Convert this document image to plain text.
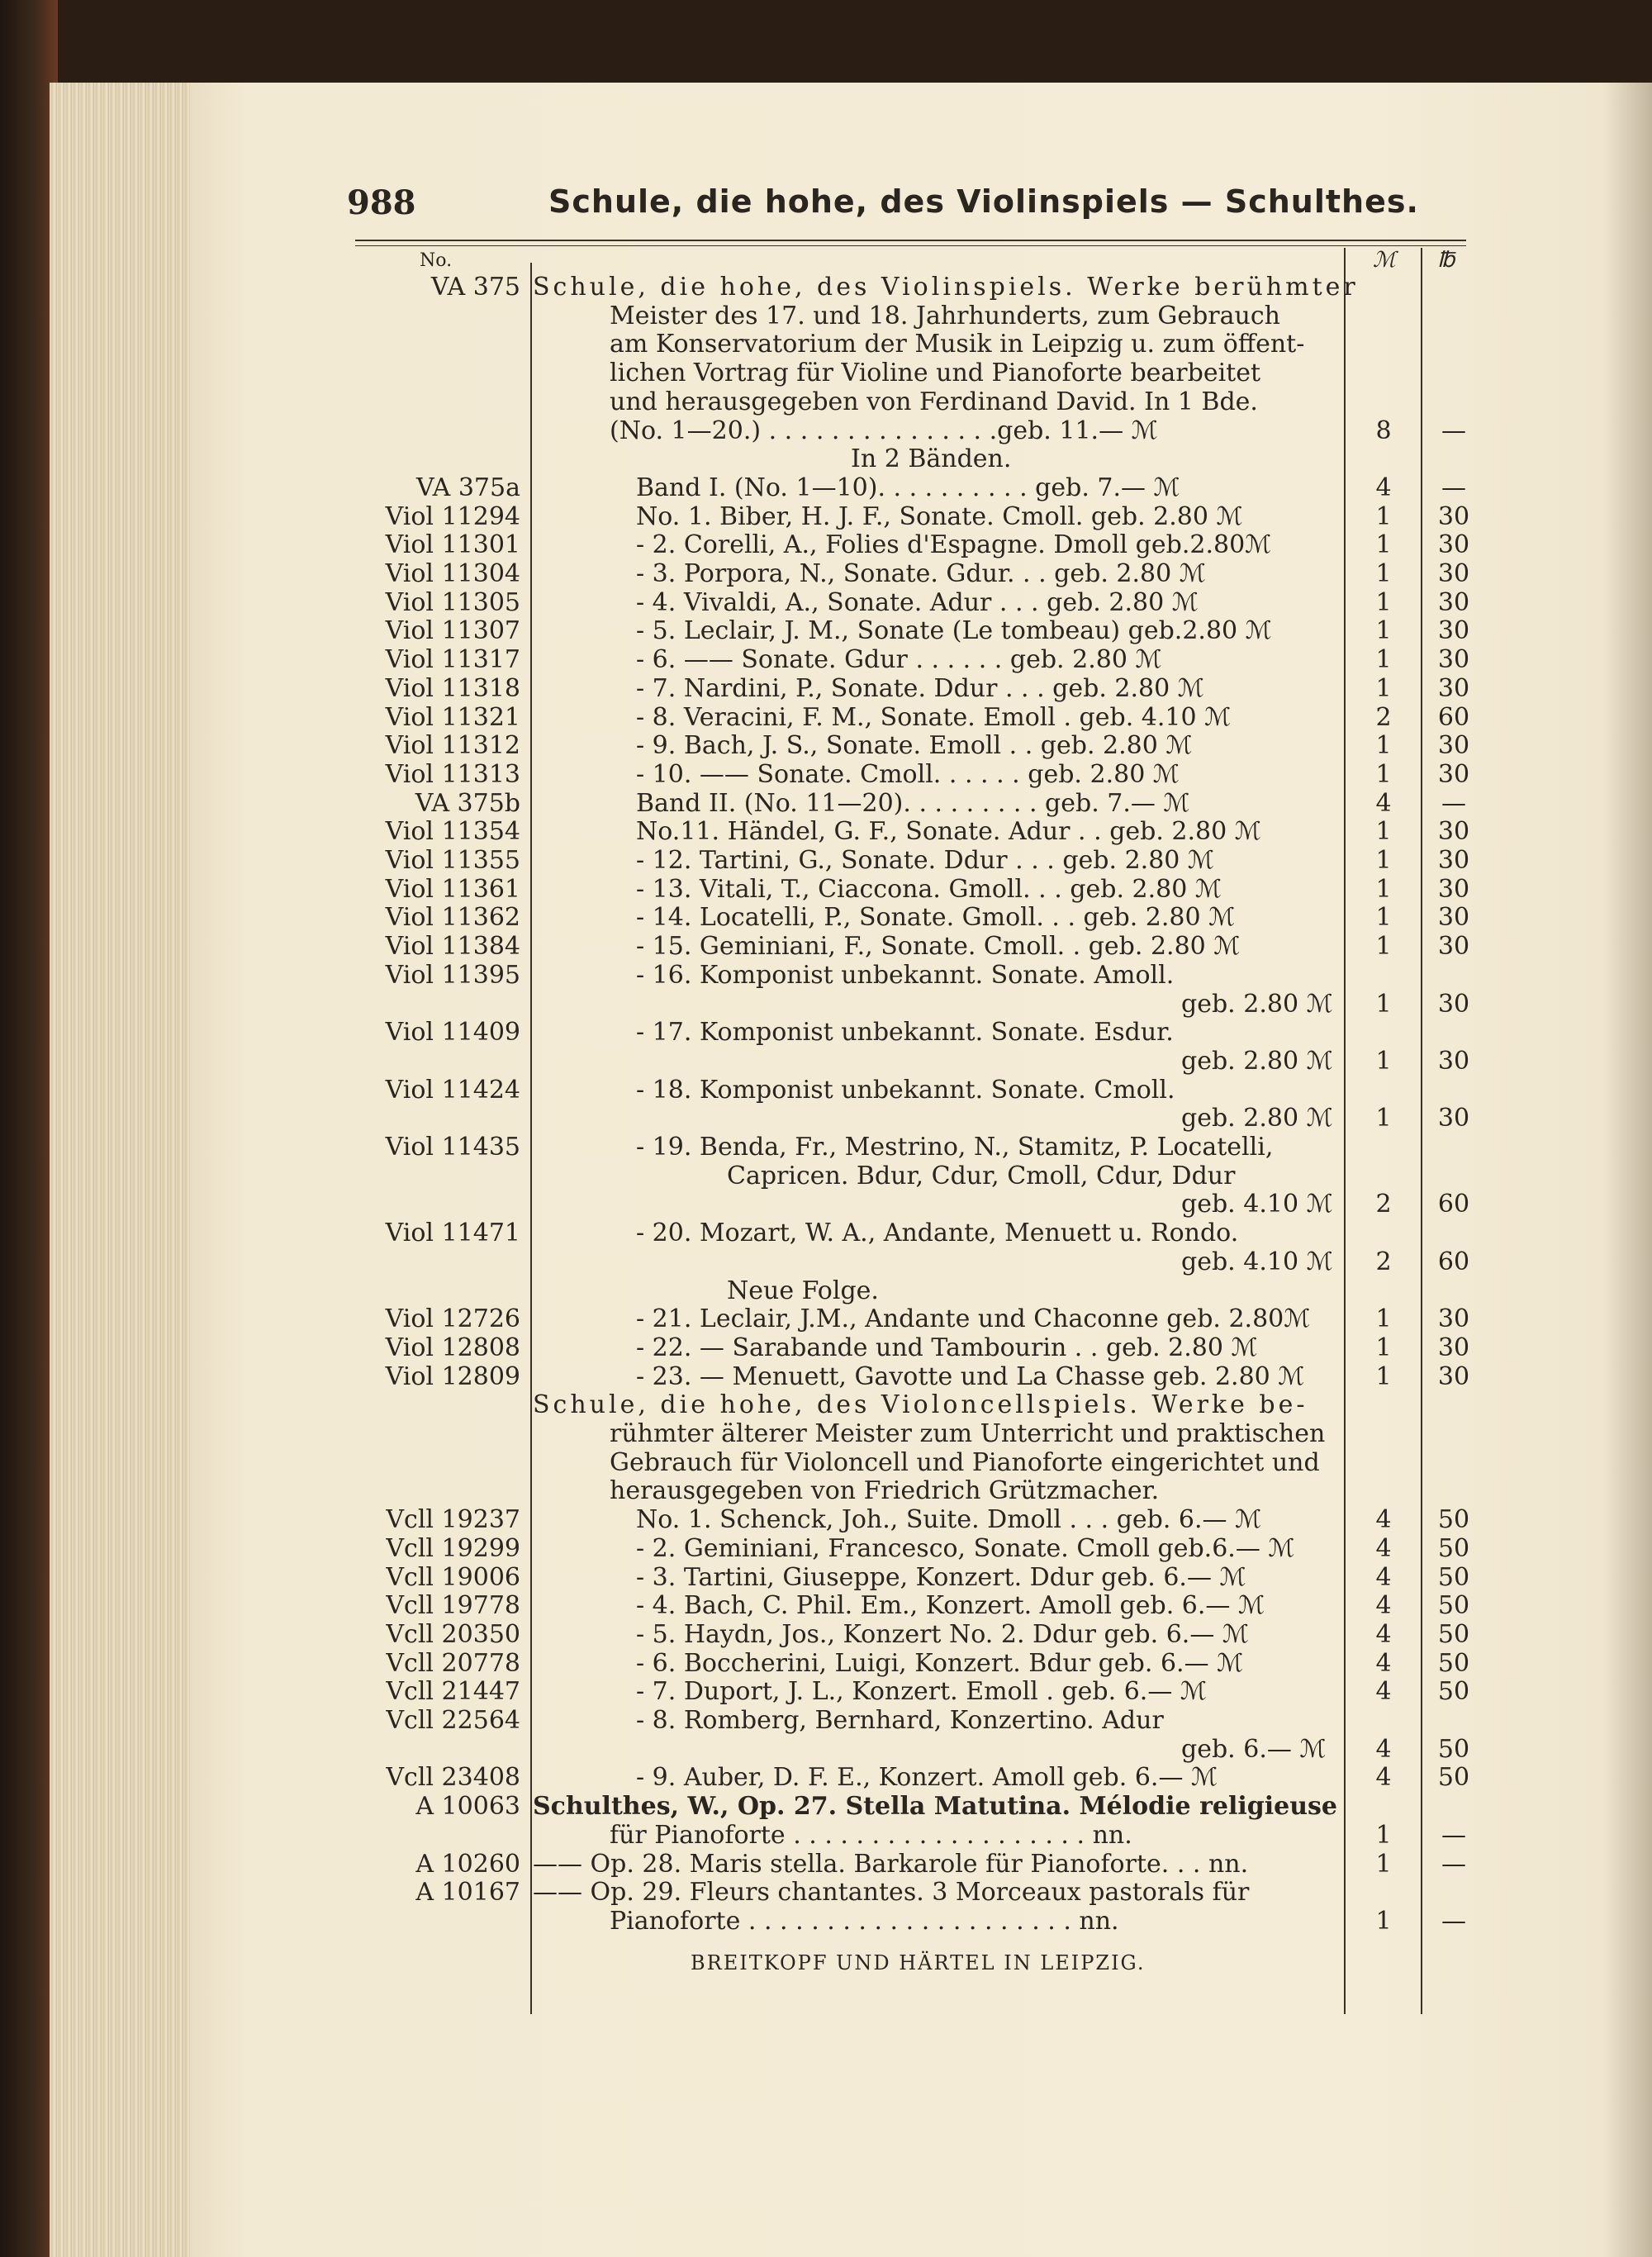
988	Schule, die hohe, des Violinspiels — Schulthes.
No.	ℳ ℔
VA 375 Schule, die hohe, des Violinspiels. Werke berühmter
Meister des 17. und 18. Jahrhunderts, zum Gebrauch
am Konservatorium der Musik in Leipzig u. zum öffent-
lichen Vortrag für Violine und Pianoforte bearbeitet
und herausgegeben von Ferdinand David. In 1 Bde.
(No. 1—20.) . . . . . . . . . . . . . . .geb. 11.— ℳ	8	—
In 2 Bänden.
VA 375a	Band I. (No. 1—10). . . . . . . . . . geb. 7.— ℳ	4	—
Viol 11294	No. 1. Biber, H. J. F., Sonate. Cmoll. geb. 2.80 ℳ	1	30
Viol 11301	- 2. Corelli, A., Folies d'Espagne. Dmoll geb.2.80ℳ	1	30
Viol 11304	- 3. Porpora, N., Sonate. Gdur. . . geb. 2.80 ℳ	1	30
Viol 11305	- 4. Vivaldi, A., Sonate. Adur . . . geb. 2.80 ℳ	1	30
Viol 11307	- 5. Leclair, J. M., Sonate (Le tombeau) geb.2.80 ℳ	1	30
Viol 11317	- 6. —— Sonate. Gdur . . . . . . geb. 2.80 ℳ	1	30
Viol 11318	- 7. Nardini, P., Sonate. Ddur . . . geb. 2.80 ℳ	1	30
Viol 11321	- 8. Veracini, F. M., Sonate. Emoll . geb. 4.10 ℳ	2	60
Viol 11312	- 9. Bach, J. S., Sonate. Emoll . . geb. 2.80 ℳ	1	30
Viol 11313	- 10. —— Sonate. Cmoll. . . . . . geb. 2.80 ℳ	1	30
VA 375b	Band II. (No. 11—20). . . . . . . . . geb. 7.— ℳ	4	—
Viol 11354	No.11. Händel, G. F., Sonate. Adur . . geb. 2.80 ℳ	1	30
Viol 11355	- 12. Tartini, G., Sonate. Ddur . . . geb. 2.80 ℳ	1	30
Viol 11361	- 13. Vitali, T., Ciaccona. Gmoll. . . geb. 2.80 ℳ	1	30
Viol 11362	- 14. Locatelli, P., Sonate. Gmoll. . . geb. 2.80 ℳ	1	30
Viol 11384	- 15. Geminiani, F., Sonate. Cmoll. . geb. 2.80 ℳ	1	30
Viol 11395	- 16. Komponist unbekannt. Sonate. Amoll.
geb. 2.80 ℳ 1	30
Viol 11409	- 17. Komponist unbekannt. Sonate. Esdur.
geb. 2.80 ℳ 1	30
Viol 11424	- 18. Komponist unbekannt. Sonate. Cmoll.
geb. 2.80 ℳ 1	30
Viol 11435	- 19. Benda, Fr., Mestrino, N., Stamitz, P. Locatelli,
Capricen. Bdur, Cdur, Cmoll, Cdur, Ddur
geb. 4.10 ℳ 2	60
Viol 11471	- 20. Mozart, W. A., Andante, Menuett u. Rondo.
geb. 4.10 ℳ 2	60
Neue Folge.
Viol 12726	- 21. Leclair, J.M., Andante und Chaconne geb. 2.80ℳ	1	30
Viol 12808	- 22. — Sarabande und Tambourin . . geb. 2.80 ℳ	1	30
Viol 12809	- 23. — Menuett, Gavotte und La Chasse geb. 2.80 ℳ	1	30
Schule, die hohe, des Violoncellspiels. Werke be-
rühmter älterer Meister zum Unterricht und praktischen
Gebrauch für Violoncell und Pianoforte eingerichtet und
herausgegeben von Friedrich Grützmacher.
Vcll 19237	No. 1. Schenck, Joh., Suite. Dmoll . . . geb. 6.— ℳ	4	50
Vcll 19299	- 2. Geminiani, Francesco, Sonate. Cmoll geb.6.— ℳ	4	50
Vcll 19006	- 3. Tartini, Giuseppe, Konzert. Ddur geb. 6.— ℳ	4	50
Vcll 19778	- 4. Bach, C. Phil. Em., Konzert. Amoll geb. 6.— ℳ	4	50
Vcll 20350	- 5. Haydn, Jos., Konzert No. 2. Ddur geb. 6.— ℳ	4	50
Vcll 20778	- 6. Boccherini, Luigi, Konzert. Bdur geb. 6.— ℳ	4	50
Vcll 21447	- 7. Duport, J. L., Konzert. Emoll . geb. 6.— ℳ	4	50
Vcll 22564	- 8. Romberg, Bernhard, Konzertino. Adur
geb. 6.— ℳ 4	50
Vcll 23408	- 9. Auber, D. F. E., Konzert. Amoll geb. 6.— ℳ	4	50
A 10063 Schulthes, W., Op. 27. Stella Matutina. Mélodie religieuse
für Pianoforte . . . . . . . . . . . . . . . . . . . nn.	1	—
A 10260 —— Op. 28. Maris stella. Barkarole für Pianoforte. . . nn.	1	—
A 10167 —— Op. 29. Fleurs chantantes. 3 Morceaux pastorals für
Pianoforte . . . . . . . . . . . . . . . . . . . . . nn.	1	—
BREITKOPF UND HÄRTEL IN LEIPZIG.
